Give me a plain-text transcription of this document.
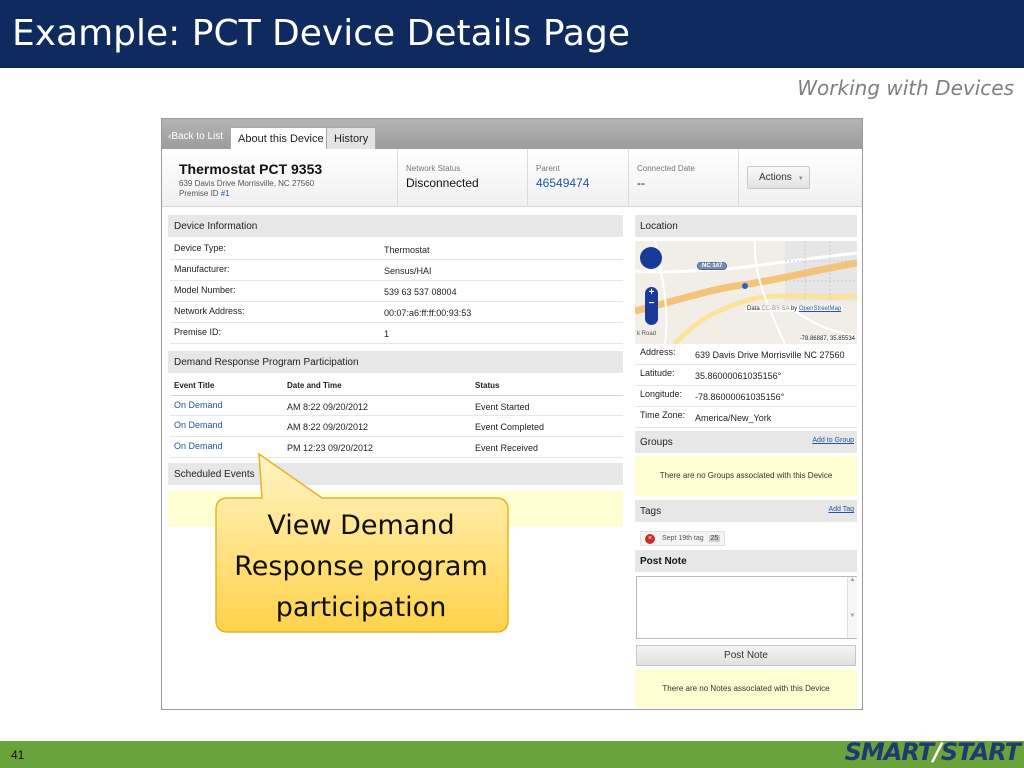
Example: PCT Device Details Page
Working with Devices
‹Back to List	About this Device History
Thermostat PCT 9353
639 Davis Drive Morrisville, NC 27560
Premise ID #1
Network Status
Disconnected
Parent
46549474
Connected Date
--	Actions ▼
Device Information
Device Type:	Thermostat
Manufacturer:	Sensus/HAI
Model Number:	539 63 537 08004
Network Address:	00:07:a6:ff:ff:00:93:53
Premise ID:	1
Demand Response Program Participation
Event Title	Date and Time	Status
On Demand	AM 8:22 09/20/2012	Event Started
On Demand	AM 8:22 09/20/2012	Event Completed
On Demand	PM 12:23 09/20/2012	Event Received
Scheduled Events
Location
+
−
NC 147
k Road
Data CC-BY-SA by OpenStreetMap
-78.86887, 35.85534
Address: 639 Davis Drive Morrisville NC 27560
Latitude: 35.86000061035156°
Longitude: -78.86000061035156°
Time Zone: America/New_York
Groups	Add to Group
There are no Groups associated with this Device
Tags	Add Tag
×	Sept 19th tag 25
Post Note
▲

▼
Post Note
There are no Notes associated with this Device
View Demand
Response program
participation
41	SMART/START
